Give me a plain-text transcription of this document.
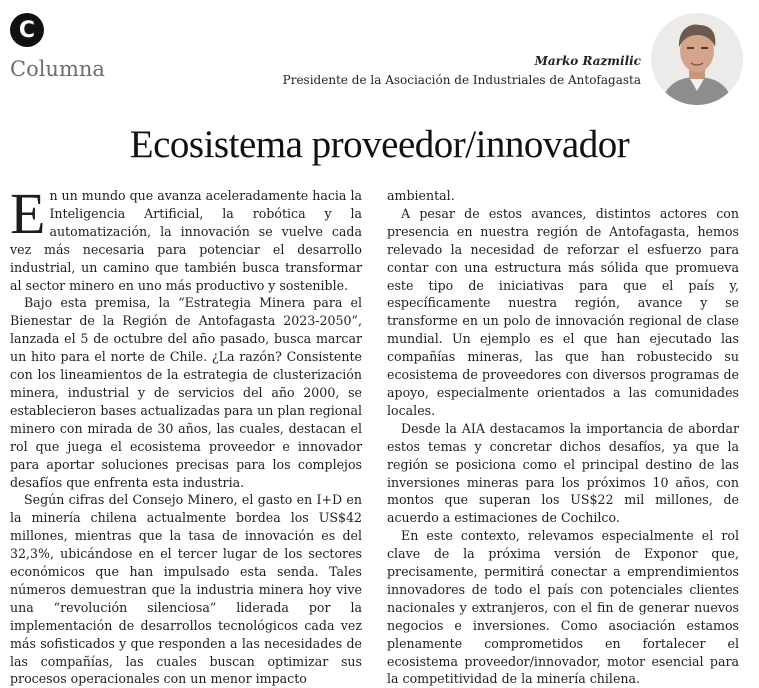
C
Columna	Marko Razmilic
Presidente de la Asociación de Industriales de Antofagasta
Ecosistema proveedor/innovador

En un mundo que avanza aceleradamente hacia la Inteligencia Artificial, la robótica y la automatización, la innovación se vuelve cada vez más necesaria para potenciar el desarrollo industrial, un camino que también busca transformar al sector minero en uno más productivo y sostenible.

Bajo esta premisa, la “Estrategia Minera para el Bienestar de la Región de Antofagasta 2023-2050”, lanzada el 5 de octubre del año pasado, busca marcar un hito para el norte de Chile. ¿La razón? Consistente con los lineamientos de la estrategia de clusterización minera, industrial y de servicios del año 2000, se establecieron bases actualizadas para un plan regional minero con mirada de 30 años, las cuales, destacan el rol que juega el ecosistema proveedor e innovador para aportar soluciones precisas para los complejos desafíos que enfrenta esta industria.

Según cifras del Consejo Minero, el gasto en I+D en la minería chilena actualmente bordea los US$42 millones, mientras que la tasa de innovación es del 32,3%, ubicándose en el tercer lugar de los sectores económicos que han impulsado esta senda. Tales números demuestran que la industria minera hoy vive una “revolución silenciosa” liderada por la implementación de desarrollos tecnológicos cada vez más sofisticados y que responden a las necesidades de las compañías, las cuales buscan optimizar sus procesos operacionales con un menor impacto

ambiental.

A pesar de estos avances, distintos actores con presencia en nuestra región de Antofagasta, hemos relevado la necesidad de reforzar el esfuerzo para contar con una estructura más sólida que promueva este tipo de iniciativas para que el país y, específicamente nuestra región, avance y se transforme en un polo de innovación regional de clase mundial. Un ejemplo es el que han ejecutado las compañías mineras, las que han robustecido su ecosistema de proveedores con diversos programas de apoyo, especialmente orientados a las comunidades locales.

Desde la AIA destacamos la importancia de abordar estos temas y concretar dichos desafíos, ya que la región se posiciona como el principal destino de las inversiones mineras para los próximos 10 años, con montos que superan los US$22 mil millones, de acuerdo a estimaciones de Cochilco.

En este contexto, relevamos especialmente el rol clave de la próxima versión de Exponor que, precisamente, permitirá conectar a emprendimientos innovadores de todo el país con potenciales clientes nacionales y extranjeros, con el fin de generar nuevos negocios e inversiones. Como asociación estamos plenamente comprometidos en fortalecer el ecosistema proveedor/innovador, motor esencial para la competitividad de la minería chilena.
